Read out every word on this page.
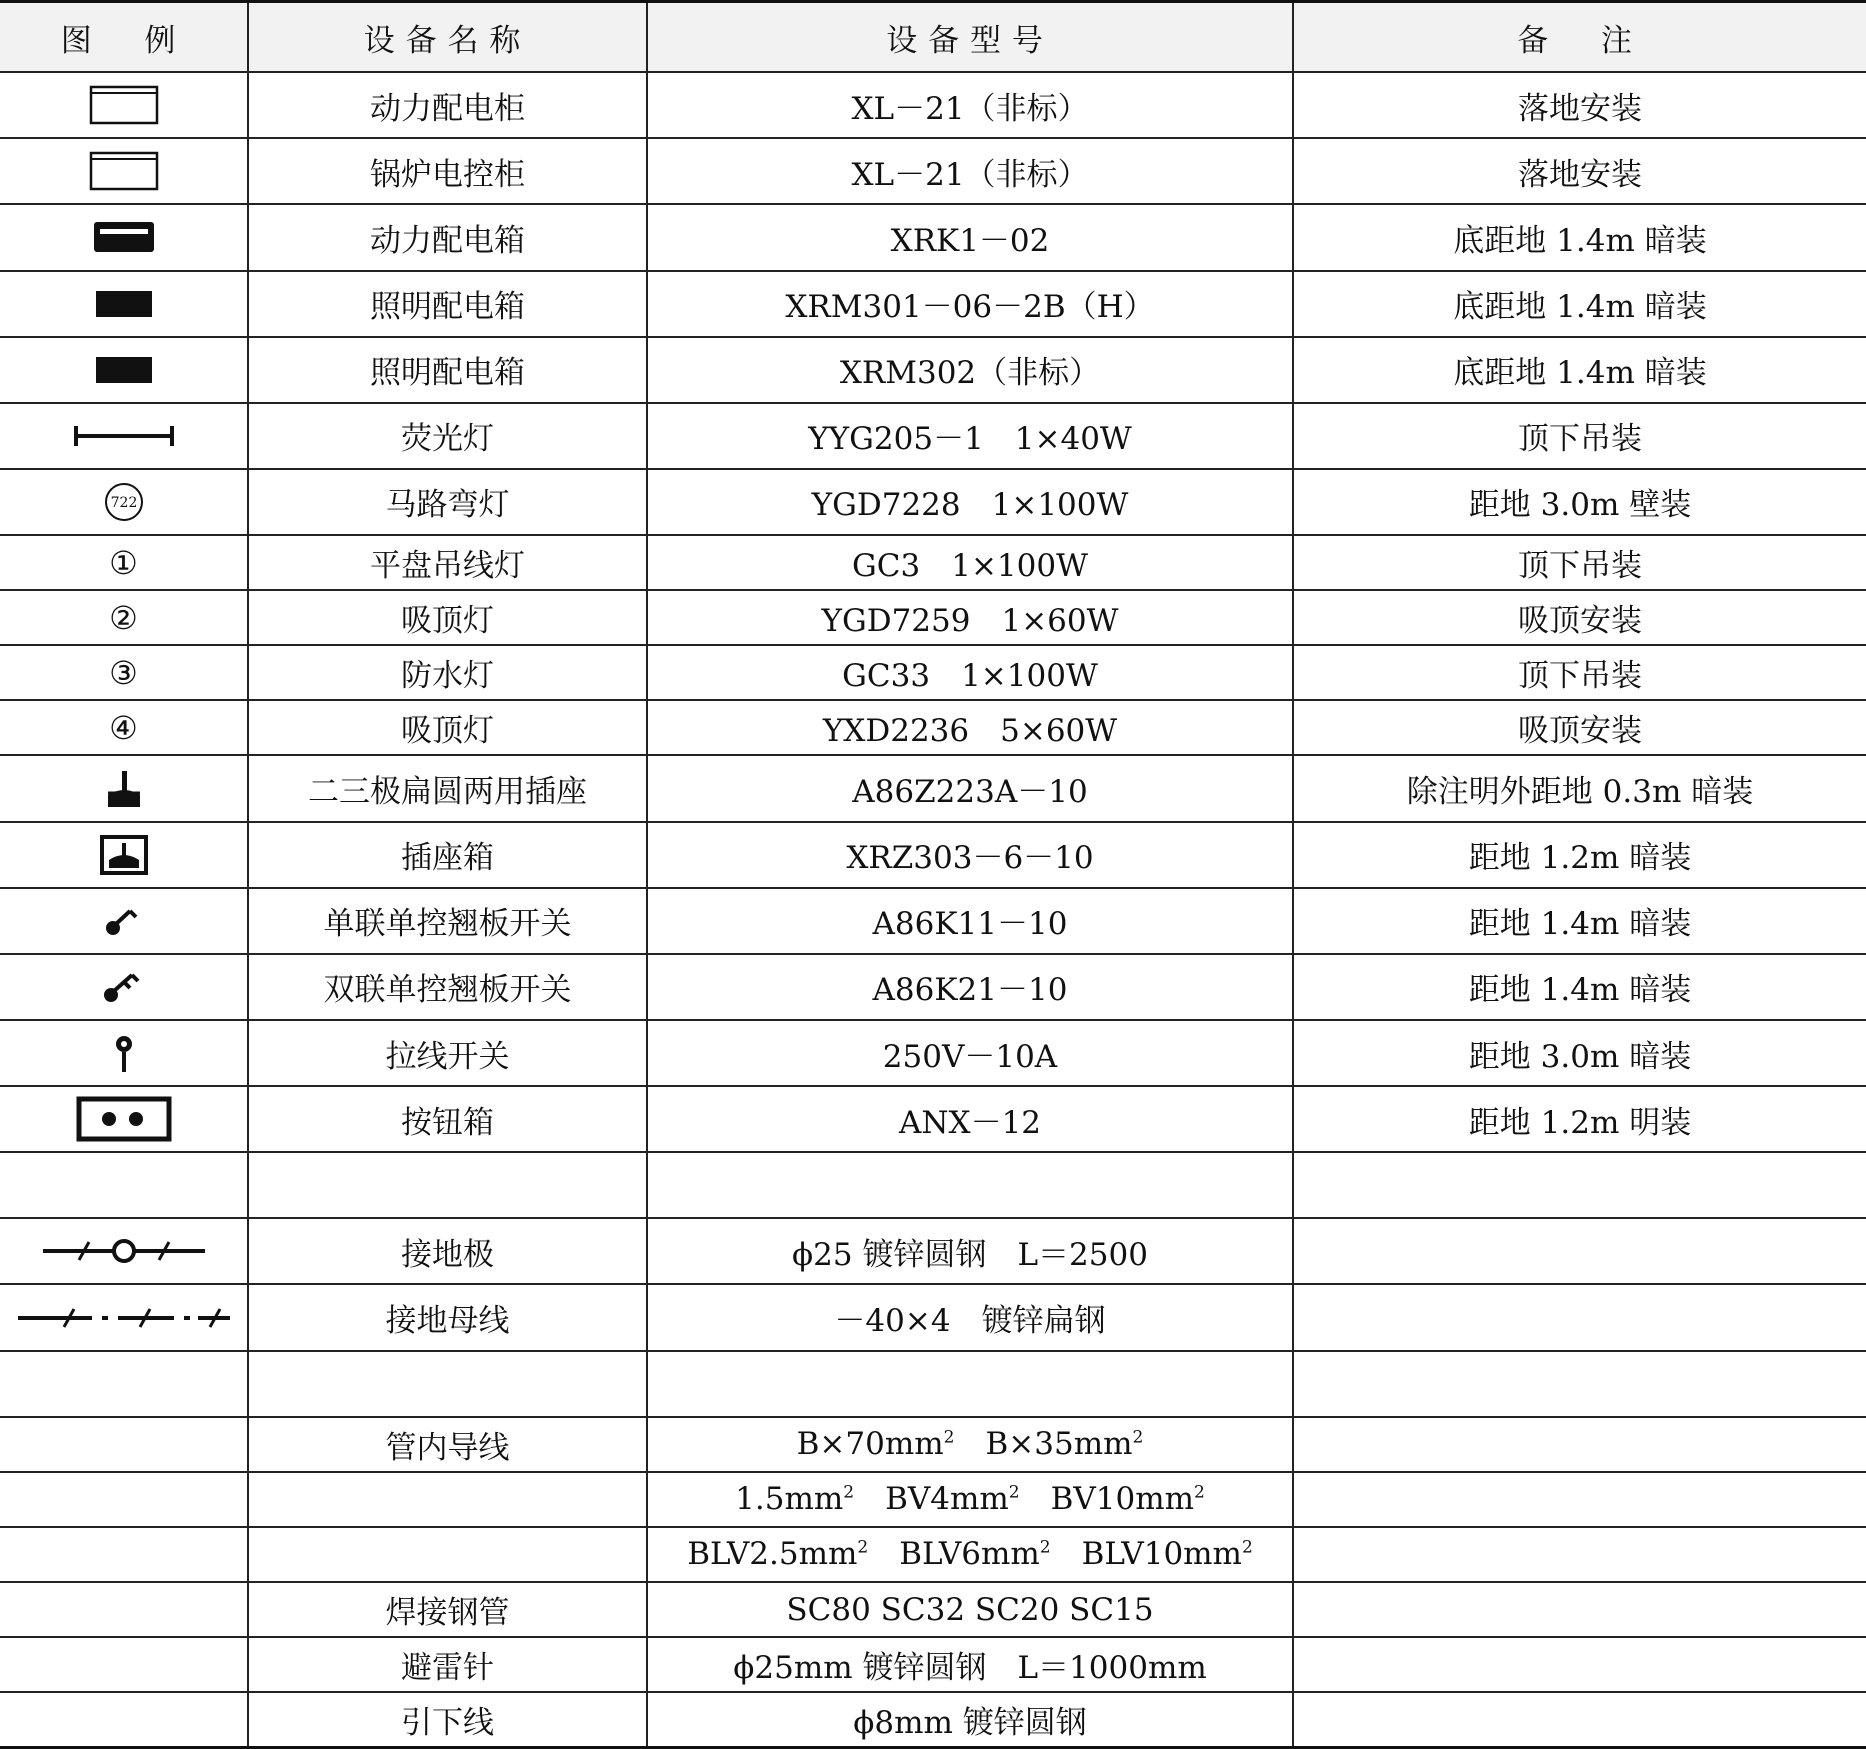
图　例	设备名称	设备型号	备　注

	动力配电柜	XL－21（非标）	落地安装

	锅炉电控柜	XL－21（非标）	落地安装

	动力配电箱	XRK1－02	底距地 1.4m 暗装

	照明配电箱	XRM301－06－2B（H）	底距地 1.4m 暗装

	照明配电箱	XRM302（非标）	底距地 1.4m 暗装

	荧光灯	YYG205－1　1×40W	顶下吊装

722	马路弯灯	YGD7228　1×100W	距地 3.0m 壁装
①	平盘吊线灯	GC3　1×100W	顶下吊装
②	吸顶灯	YGD7259　1×60W	吸顶安装
③	防水灯	GC33　1×100W	顶下吊装
④	吸顶灯	YXD2236　5×60W	吸顶安装

	二三极扁圆两用插座	A86Z223A－10	除注明外距地 0.3m 暗装

	插座箱	XRZ303－6－10	距地 1.2m 暗装

	单联单控翘板开关	A86K11－10	距地 1.4m 暗装

	双联单控翘板开关	A86K21－10	距地 1.4m 暗装

	拉线开关	250V－10A	距地 3.0m 暗装

	按钮箱	ANX－12	距地 1.2m 明装

	接地极	ϕ25 镀锌圆钢　L＝2500	

	接地母线	－40×4　镀锌扁钢	

	管内导线	$B\times 70mm^2$  $B\times 35mm^2$	
		$1.5mm^2$  $BV4mm^2$  $BV10mm^2$	
		$BLV2.5mm^2$  $BLV6mm^2$  $BLV10mm^2$	
	焊接钢管	SC80 SC32 SC20 SC15	
	避雷针	ϕ25mm 镀锌圆钢　L＝1000mm	
	引下线	ϕ8mm 镀锌圆钢	
